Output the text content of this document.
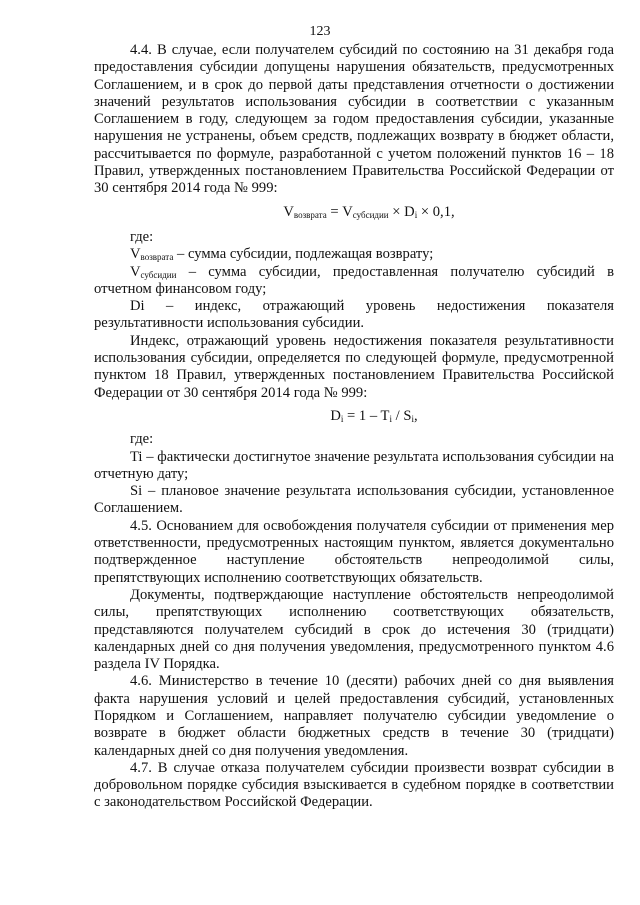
123

4.4. В случае, если получателем субсидий по состоянию на 31 декабря года предоставления субсидии допущены нарушения обязательств, предусмотренных Соглашением, и в срок до первой даты представления отчетности о достижении значений результатов использования субсидии в соответствии с указанным Соглашением в году, следующем за годом предоставления субсидии, указанные нарушения не устранены, объем средств, подлежащих возврату в бюджет области, рассчитывается по формуле, разработанной с учетом положений пунктов 16 – 18 Правил, утвержденных постановлением Правительства Российской Федерации от 30 сентября 2014 года № 999:

$V_{возврата} = V_{субсидии} \times D_i \times 0,1$,

где:

$V_{возврата}$ – сумма субсидии, подлежащая возврату;

$V_{субсидии}$ – сумма субсидии, предоставленная получателю субсидий в отчетном финансовом году;

Di – индекс, отражающий уровень недостижения показателя результативности использования субсидии.

Индекс, отражающий уровень недостижения показателя результативности использования субсидии, определяется по следующей формуле, предусмотренной пунктом 18 Правил, утвержденных постановлением Правительства Российской Федерации от 30 сентября 2014 года № 999:

$D_i = 1 - T_i / S_i$,

где:

Ti – фактически достигнутое значение результата использования субсидии на отчетную дату;

Si – плановое значение результата использования субсидии, установленное Соглашением.

4.5. Основанием для освобождения получателя субсидии от применения мер ответственности, предусмотренных настоящим пунктом, является документально подтвержденное наступление обстоятельств непреодолимой силы, препятствующих исполнению соответствующих обязательств.

Документы, подтверждающие наступление обстоятельств непреодолимой силы, препятствующих исполнению соответствующих обязательств, представляются получателем субсидий в срок до истечения 30 (тридцати) календарных дней со дня получения уведомления, предусмотренного пунктом 4.6 раздела IV Порядка.

4.6. Министерство в течение 10 (десяти) рабочих дней со дня выявления факта нарушения условий и целей предоставления субсидий, установленных Порядком и Соглашением, направляет получателю субсидии уведомление о возврате в бюджет области бюджетных средств в течение 30 (тридцати) календарных дней со дня получения уведомления.

4.7. В случае отказа получателем субсидии произвести возврат субсидии в добровольном порядке субсидия взыскивается в судебном порядке в соответствии с законодательством Российской Федерации.
